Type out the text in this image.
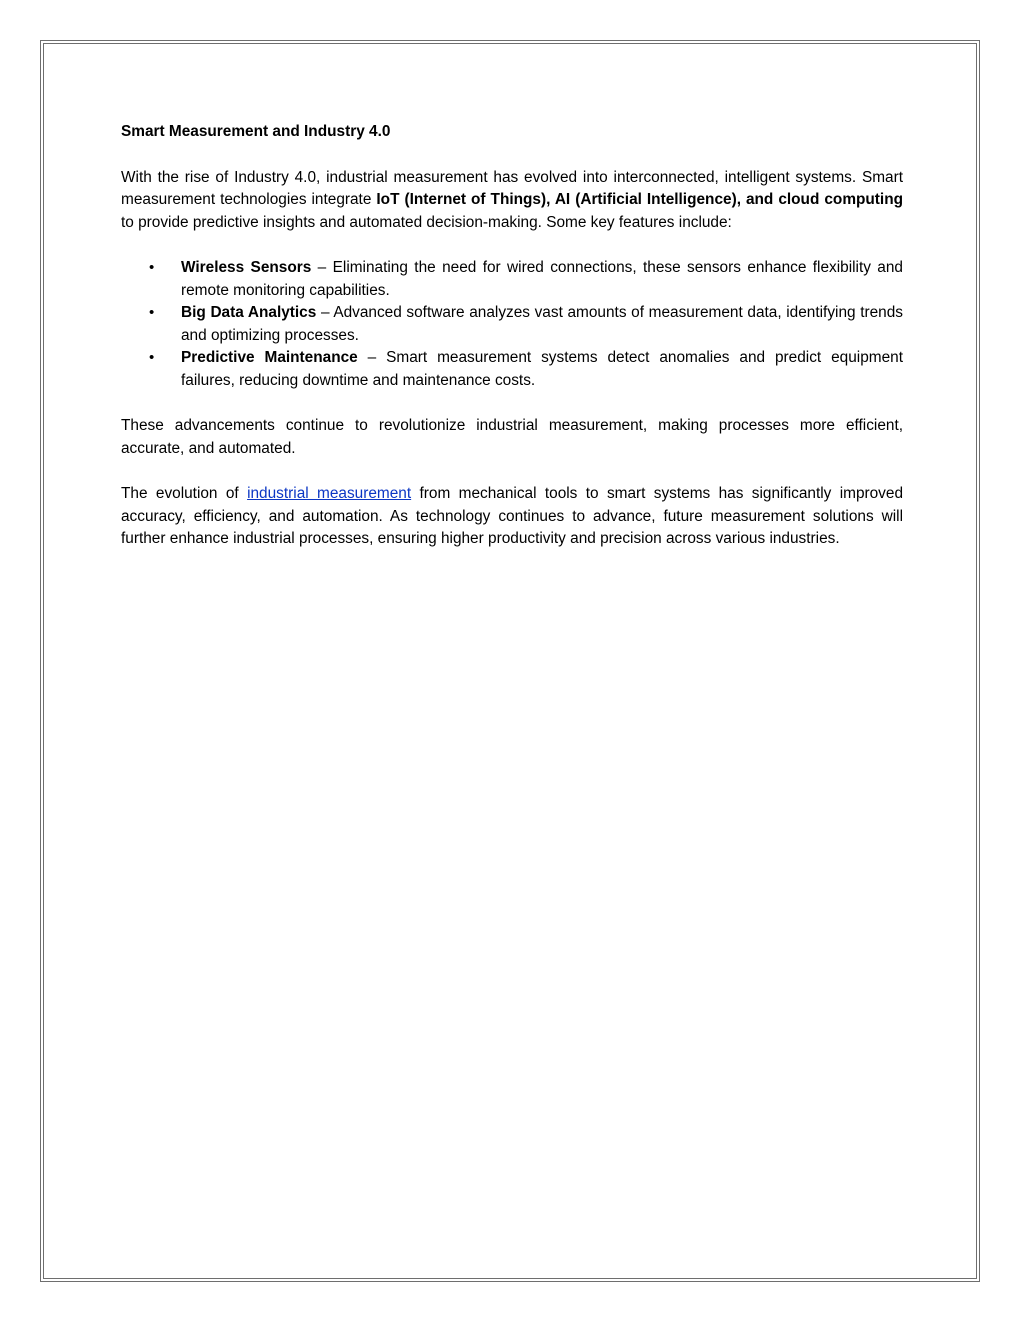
Smart Measurement and Industry 4.0

With the rise of Industry 4.0, industrial measurement has evolved into interconnected, intelligent systems. Smart measurement technologies integrate IoT (Internet of Things), AI (Artificial Intelligence), and cloud computing to provide predictive insights and automated decision-making. Some key features include:

• Wireless Sensors – Eliminating the need for wired connections, these sensors enhance flexibility and remote monitoring capabilities.
• Big Data Analytics – Advanced software analyzes vast amounts of measurement data, identifying trends and optimizing processes.
• Predictive Maintenance – Smart measurement systems detect anomalies and predict equipment failures, reducing downtime and maintenance costs.

These advancements continue to revolutionize industrial measurement, making processes more efficient, accurate, and automated.

The evolution of industrial measurement from mechanical tools to smart systems has significantly improved accuracy, efficiency, and automation. As technology continues to advance, future measurement solutions will further enhance industrial processes, ensuring higher productivity and precision across various industries.
